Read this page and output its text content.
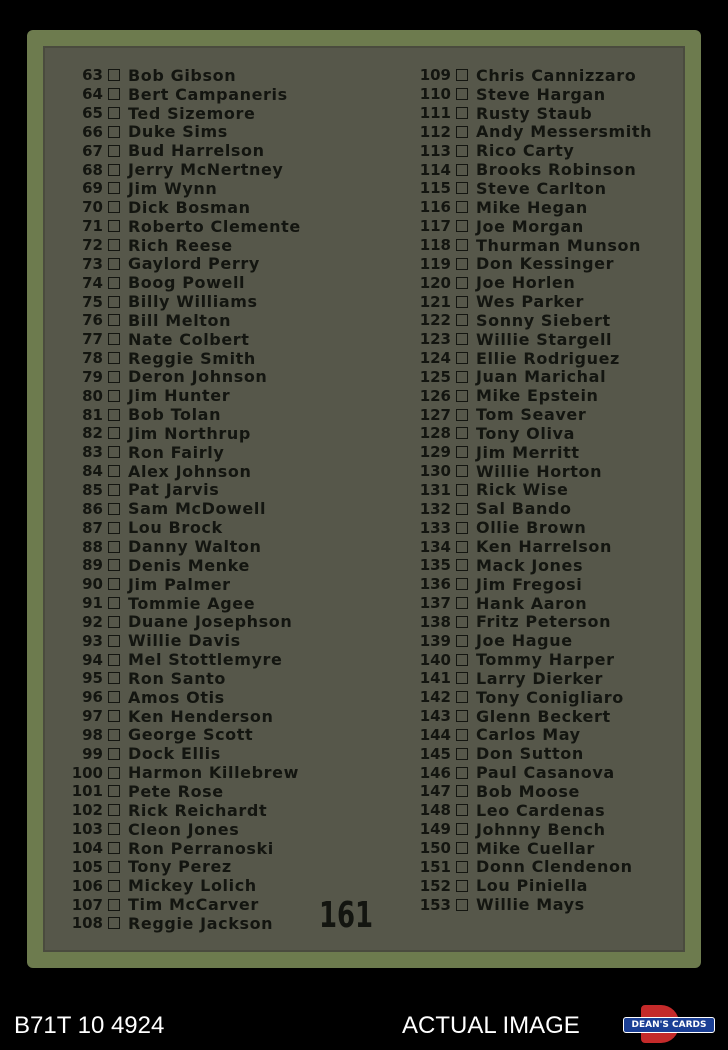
63 Bob Gibson
64 Bert Campaneris
65 Ted Sizemore
66 Duke Sims
67 Bud Harrelson
68 Jerry McNertney
69 Jim Wynn
70 Dick Bosman
71 Roberto Clemente
72 Rich Reese
73 Gaylord Perry
74 Boog Powell
75 Billy Williams
76 Bill Melton
77 Nate Colbert
78 Reggie Smith
79 Deron Johnson
80 Jim Hunter
81 Bob Tolan
82 Jim Northrup
83 Ron Fairly
84 Alex Johnson
85 Pat Jarvis
86 Sam McDowell
87 Lou Brock
88 Danny Walton
89 Denis Menke
90 Jim Palmer
91 Tommie Agee
92 Duane Josephson
93 Willie Davis
94 Mel Stottlemyre
95 Ron Santo
96 Amos Otis
97 Ken Henderson
98 George Scott
99 Dock Ellis
100 Harmon Killebrew
101 Pete Rose
102 Rick Reichardt
103 Cleon Jones
104 Ron Perranoski
105 Tony Perez
106 Mickey Lolich
107 Tim McCarver
108 Reggie Jackson
109 Chris Cannizzaro
110 Steve Hargan
111 Rusty Staub
112 Andy Messersmith
113 Rico Carty
114 Brooks Robinson
115 Steve Carlton
116 Mike Hegan
117 Joe Morgan
118 Thurman Munson
119 Don Kessinger
120 Joe Horlen
121 Wes Parker
122 Sonny Siebert
123 Willie Stargell
124 Ellie Rodriguez
125 Juan Marichal
126 Mike Epstein
127 Tom Seaver
128 Tony Oliva
129 Jim Merritt
130 Willie Horton
131 Rick Wise
132 Sal Bando
133 Ollie Brown
134 Ken Harrelson
135 Mack Jones
136 Jim Fregosi
137 Hank Aaron
138 Fritz Peterson
139 Joe Hague
140 Tommy Harper
141 Larry Dierker
142 Tony Conigliaro
143 Glenn Beckert
144 Carlos May
145 Don Sutton
146 Paul Casanova
147 Bob Moose
148 Leo Cardenas
149 Johnny Bench
150 Mike Cuellar
151 Donn Clendenon
152 Lou Piniella
153 Willie Mays
161
B71T 10 4924	ACTUAL IMAGE	DEAN'S CARDS
